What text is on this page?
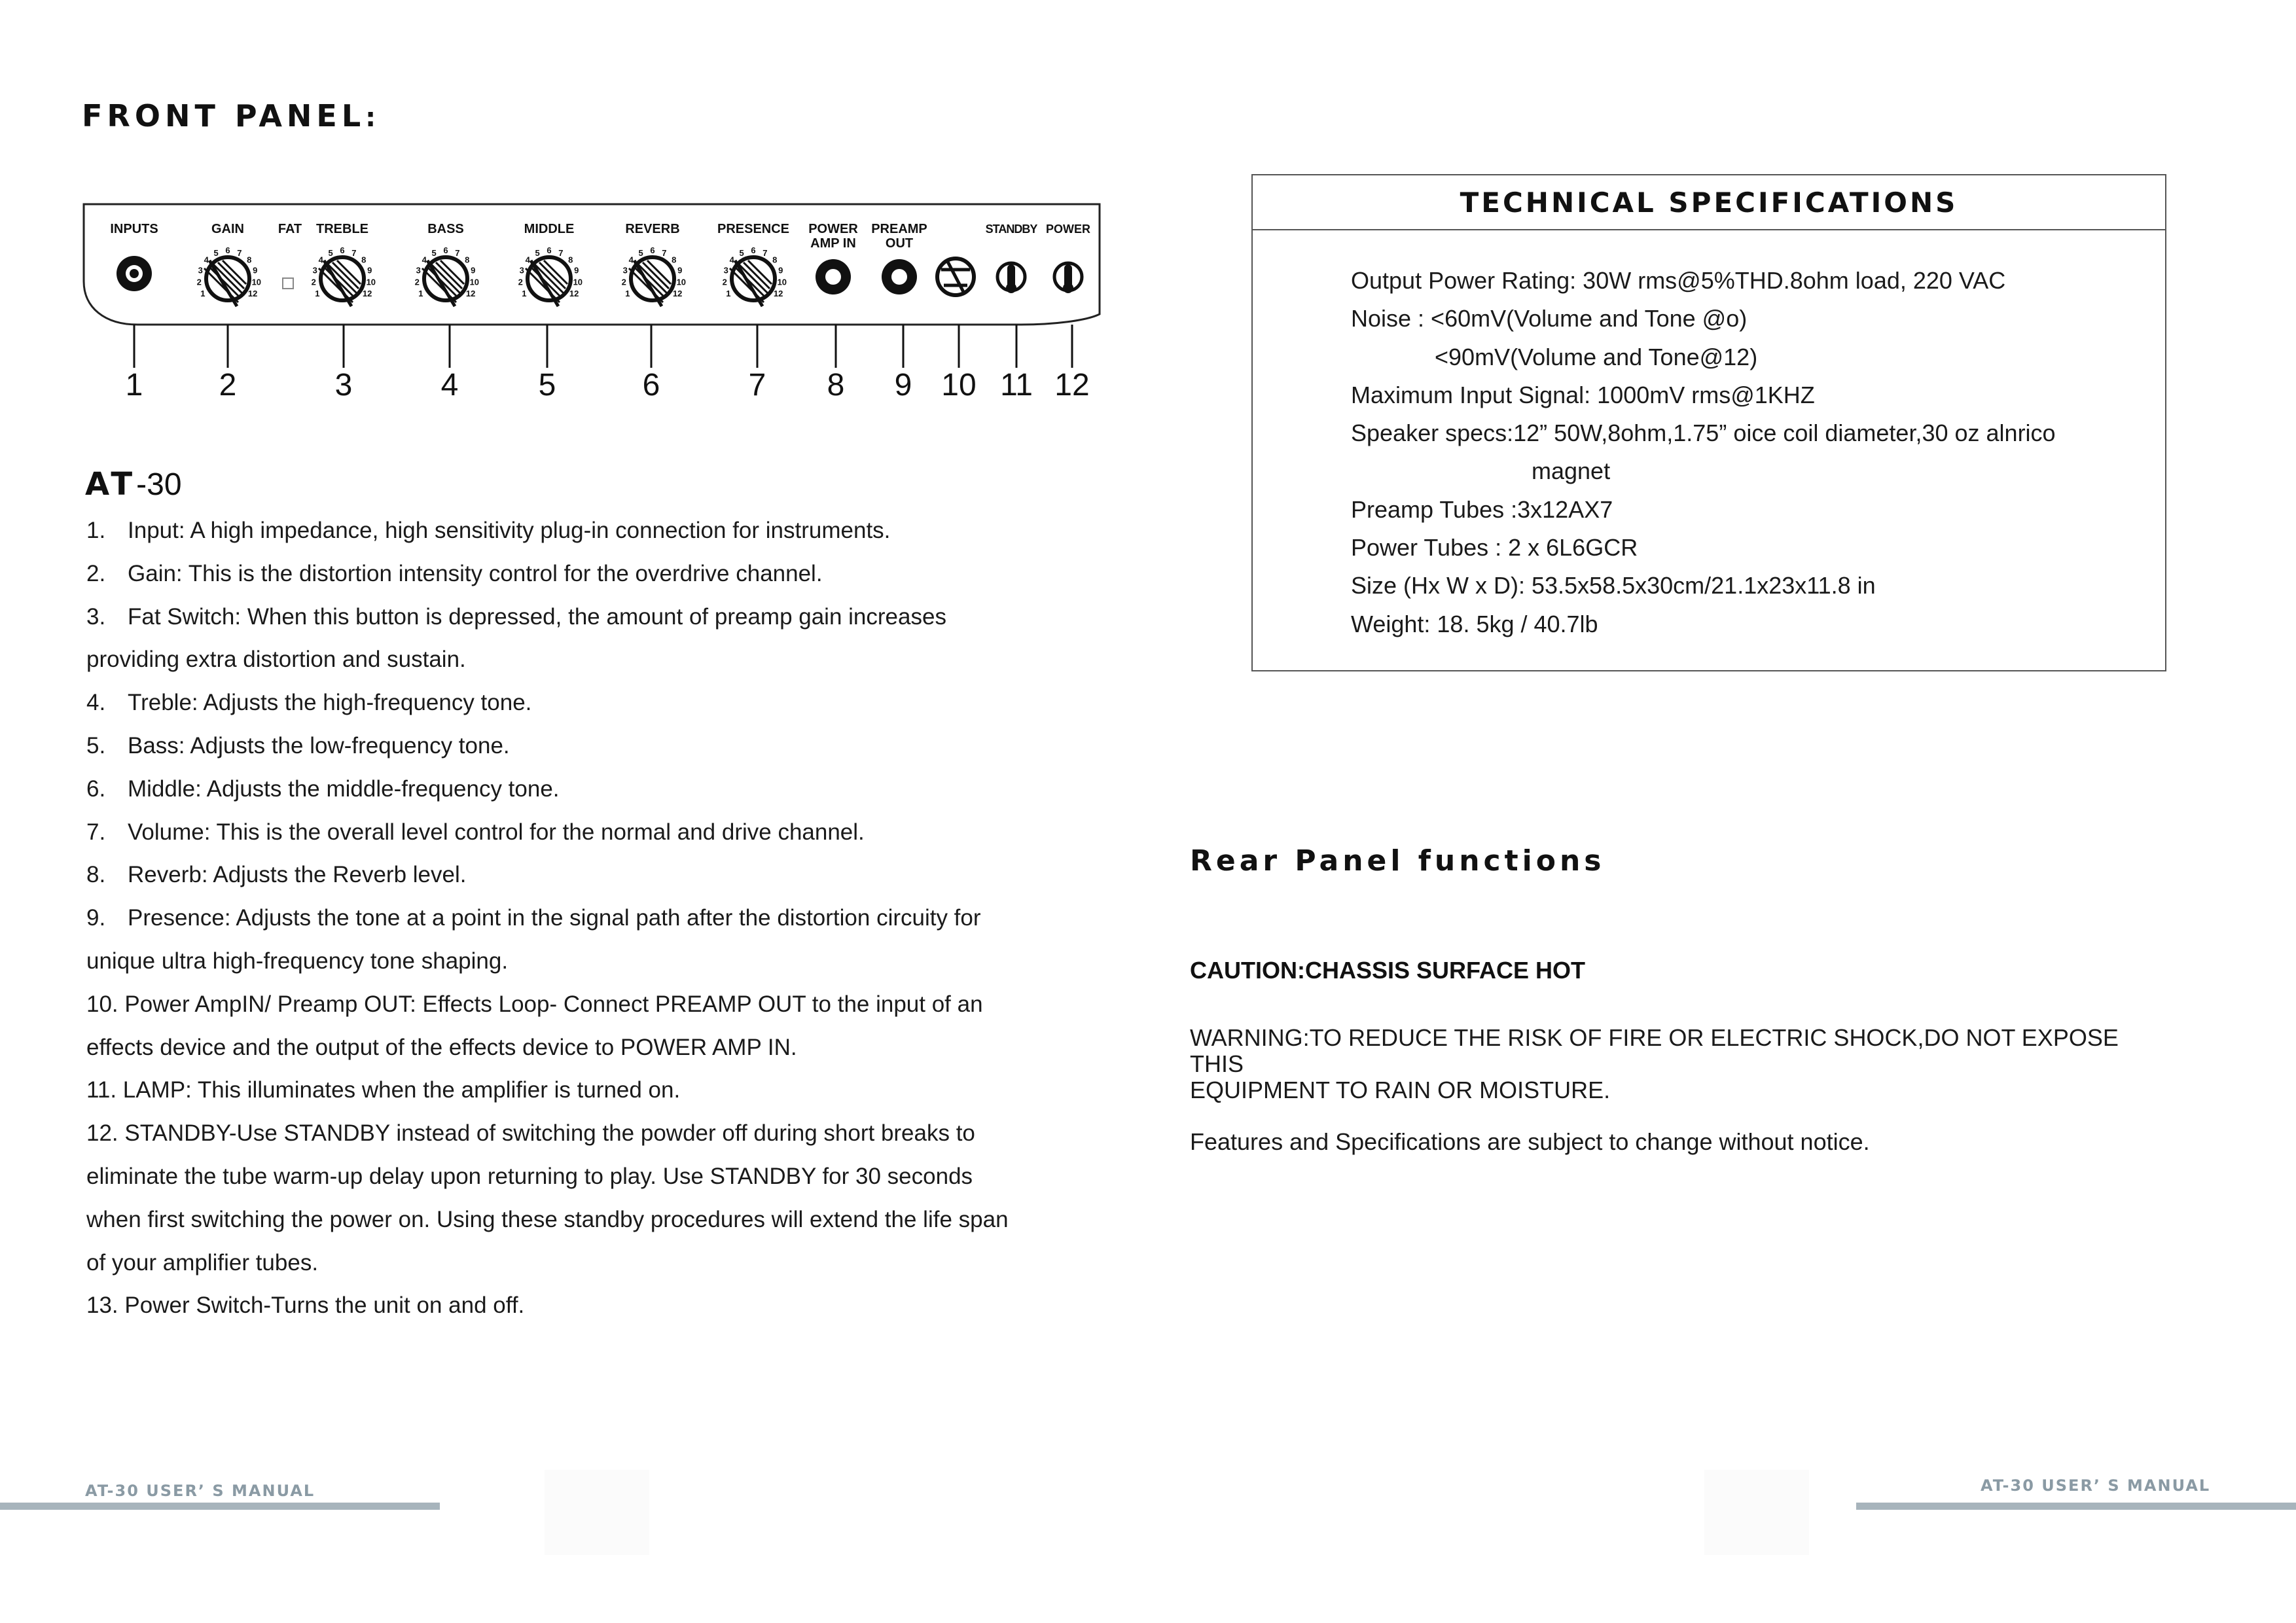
FRONT PANEL:
INPUTS	GAIN	FAT TREBLE	BASS	MIDDLE	REVERB	PRESENCE POWER
AMP IN
PREAMP
OUT
STANDBY POWER
1
2
3
4
5 6 7
8
9
10
12	1
2
3
4
5 6 7
8
9
10
12	1
2
3
4
5 6 7
8
9
10
12	1
2
3
4
5 6 7
8
9
10
12	1
2
3
4
5 6 7
8
9
10
12	1
2
3
4
5 6 7
8
9
10
12
1 2	3	4	5	6	7 8 9 10 11 12
AT-30
1. Input: A high impedance, high sensitivity plug-in connection for instruments.
2. Gain: This is the distortion intensity control for the overdrive channel.
3. Fat Switch: When this button is depressed, the amount of preamp gain increases
providing extra distortion and sustain.
4. Treble: Adjusts the high-frequency tone.
5. Bass: Adjusts the low-frequency tone.
6. Middle: Adjusts the middle-frequency tone.
7. Volume: This is the overall level control for the normal and drive channel.
8. Reverb: Adjusts the Reverb level.
9. Presence: Adjusts the tone at a point in the signal path after the distortion circuity for
unique ultra high-frequency tone shaping.
10. Power AmpIN/ Preamp OUT: Effects Loop- Connect PREAMP OUT to the input of an
effects device and the output of the effects device to POWER AMP IN.
11. LAMP: This illuminates when the amplifier is turned on.
12. STANDBY-Use STANDBY instead of switching the powder off during short breaks to
eliminate the tube warm-up delay upon returning to play. Use STANDBY for 30 seconds
when first switching the power on. Using these standby procedures will extend the life span
of your amplifier tubes.
13. Power Switch-Turns the unit on and off.
TECHNICAL SPECIFICATIONS
Output Power Rating: 30W rms@5%THD.8ohm load, 220 VAC
Noise : <60mV(Volume and Tone @o)
<90mV(Volume and Tone@12)
Maximum Input Signal: 1000mV rms@1KHZ
Speaker specs:12” 50W,8ohm,1.75” oice coil diameter,30 oz alnrico
magnet
Preamp Tubes :3x12AX7
Power Tubes : 2 x 6L6GCR
Size (Hx W x D): 53.5x58.5x30cm/21.1x23x11.8 in
Weight: 18. 5kg / 40.7lb
Rear Panel functions
CAUTION:CHASSIS SURFACE HOT
WARNING:TO REDUCE THE RISK OF FIRE OR ELECTRIC SHOCK,DO NOT EXPOSE
THIS
EQUIPMENT TO RAIN OR MOISTURE.
Features and Specifications are subject to change without notice.
AT-30 USER’ S MANUAL	AT-30 USER’ S MANUAL
